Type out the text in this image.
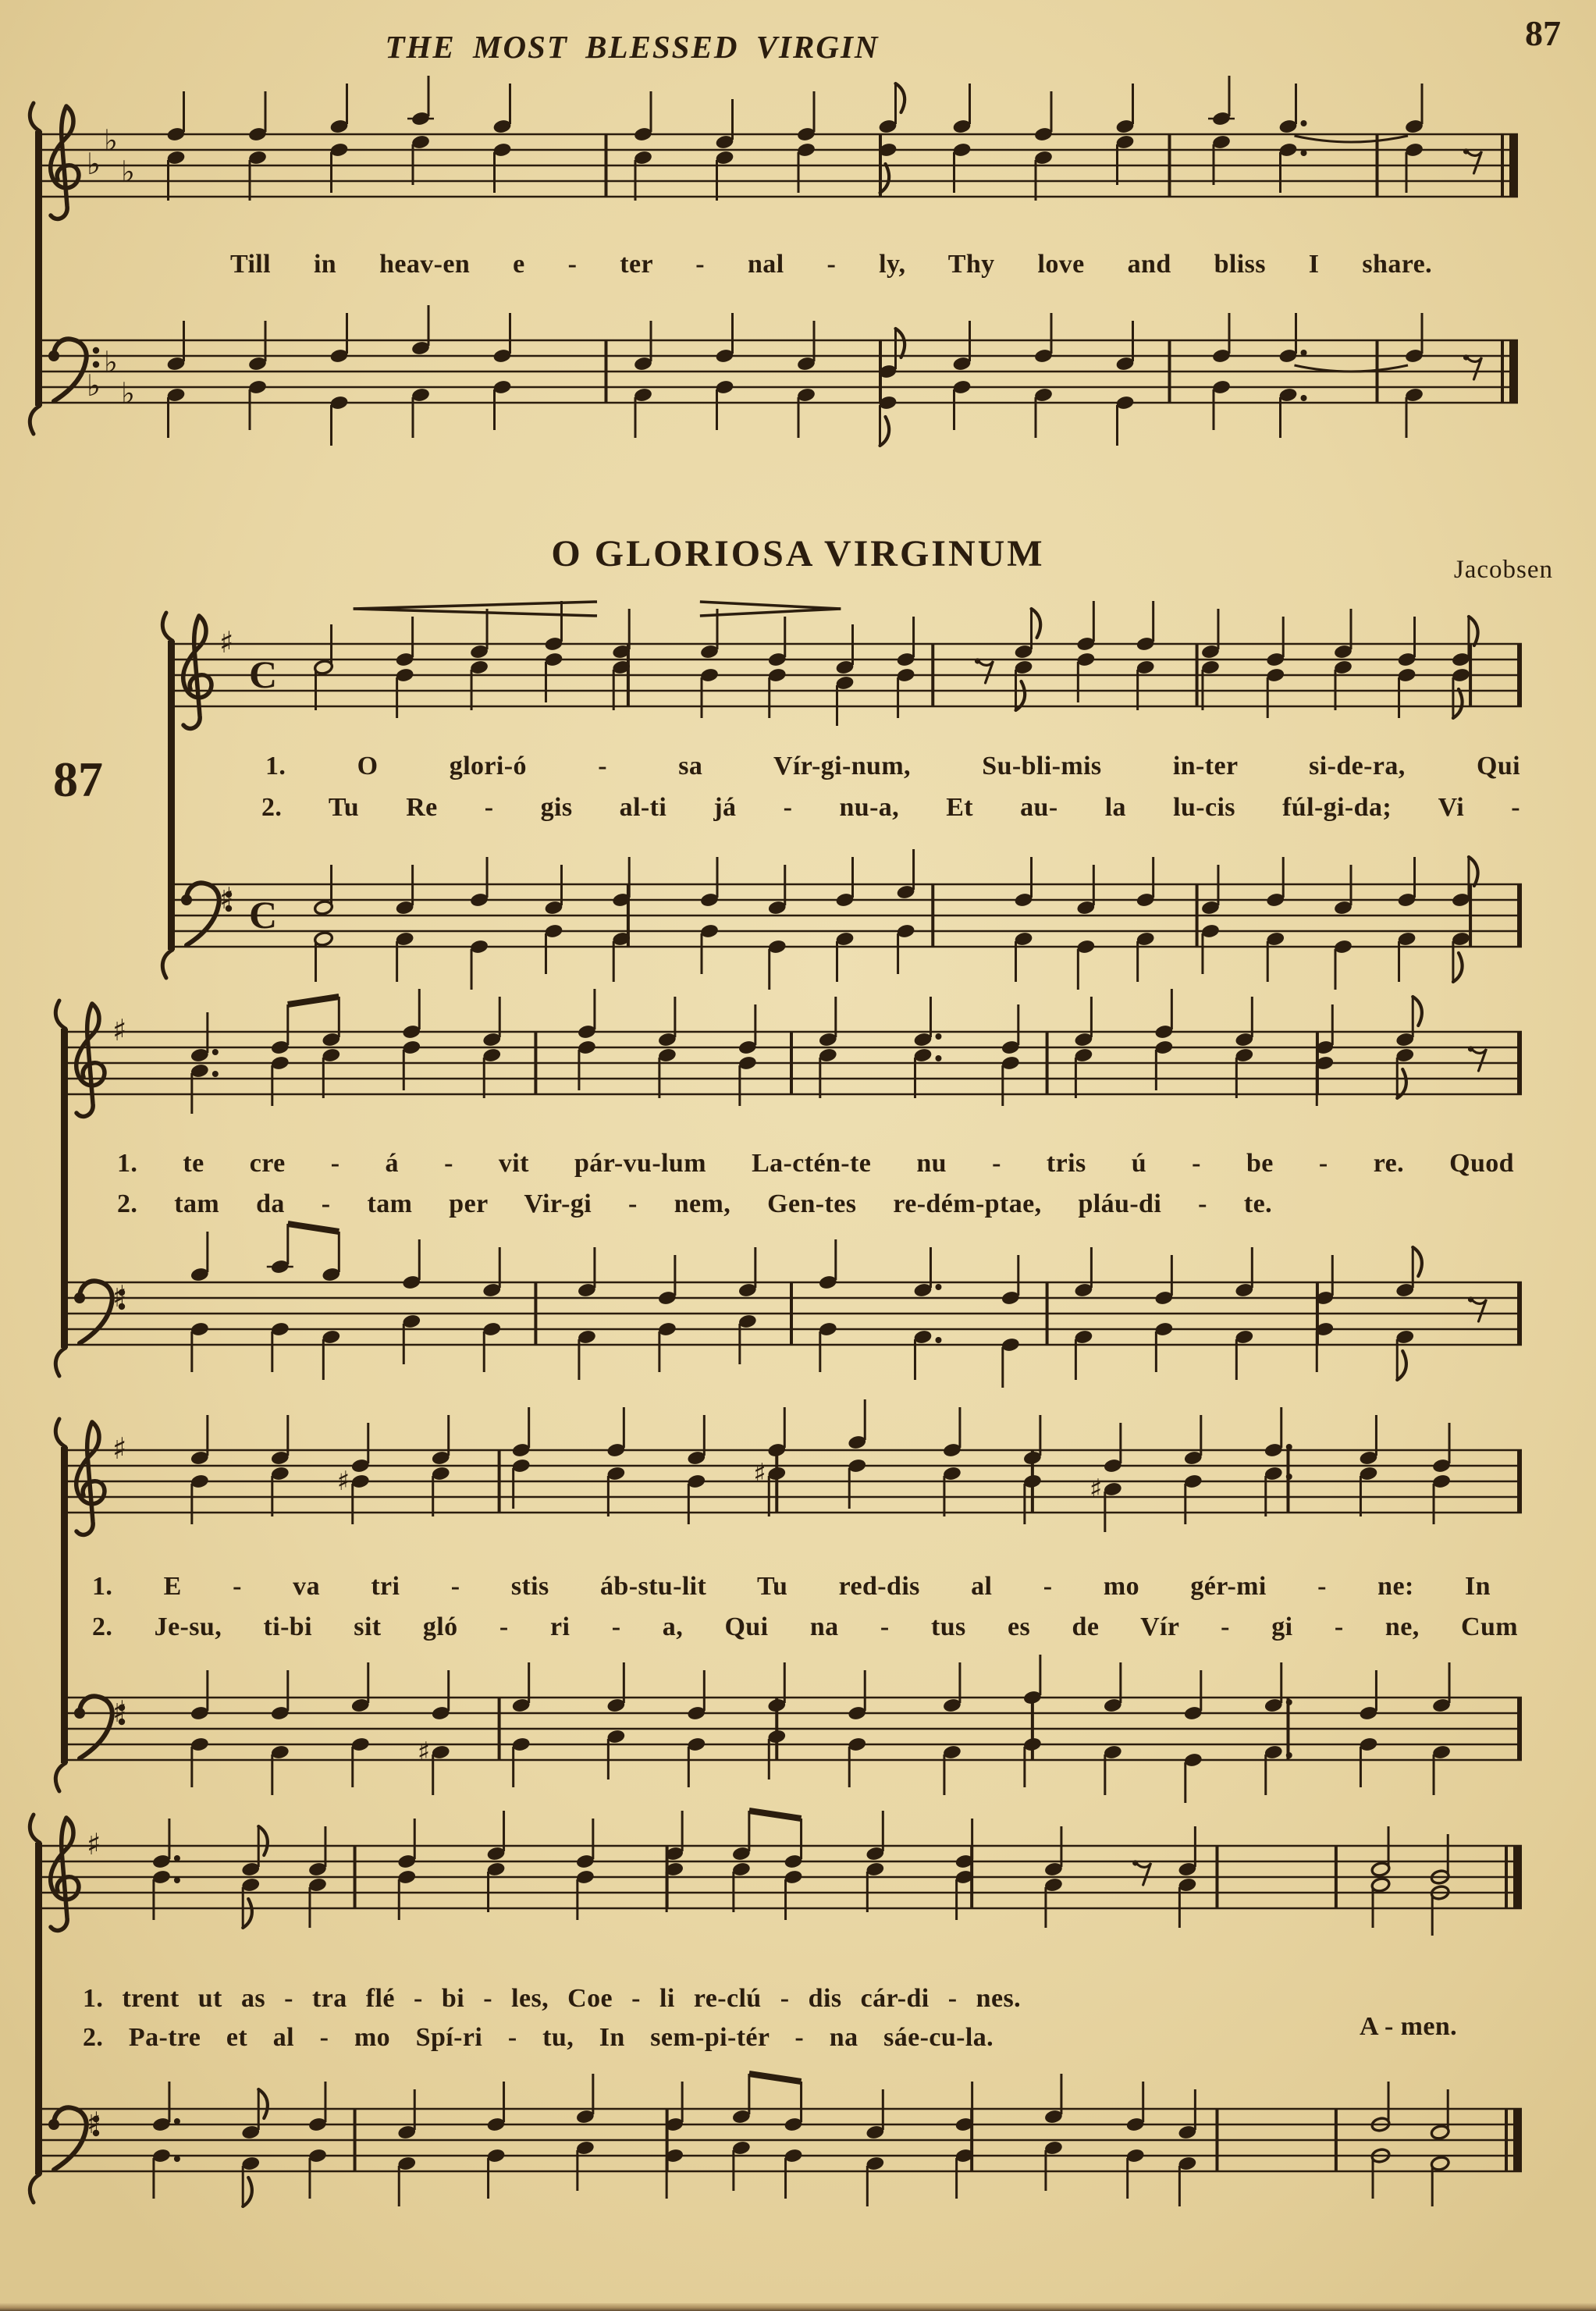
♭
♭
♭
♭
♭
♭
♯
♯
C
C
♯
♯
♯
♯
♯	♯	♯
♯
♯
♯
THE MOST BLESSED VIRGIN	87
Till in heav-en e - ter - nal - ly, Thy love and bliss I share.
O GLORIOSA VIRGINUM	Jacobsen
87	1. O glori-ó - sa Vír-gi-num, Su-bli-mis in-ter si-de-ra, Qui
2. Tu Re - gis al-ti já - nu-a, Et au- la lu-cis fúl-gi-da; Vi -
1. te cre - á - vit pár-vu-lum La-ctén-te nu - tris ú - be - re. Quod
2. tam da - tam per Vir-gi - nem, Gen-tes re-dém-ptae, pláu-di - te.
1. E - va tri - stis áb-stu-lit Tu red-dis al - mo gér-mi - ne: In
2. Je-su, ti-bi sit gló - ri - a, Qui na - tus es de Vír - gi - ne, Cum
1. trent ut as - tra flé - bi - les, Coe - li re-clú - dis cár-di - nes.
2. Pa-tre et al - mo Spí-ri - tu, In sem-pi-tér - na sáe-cu-la.	A - men.
